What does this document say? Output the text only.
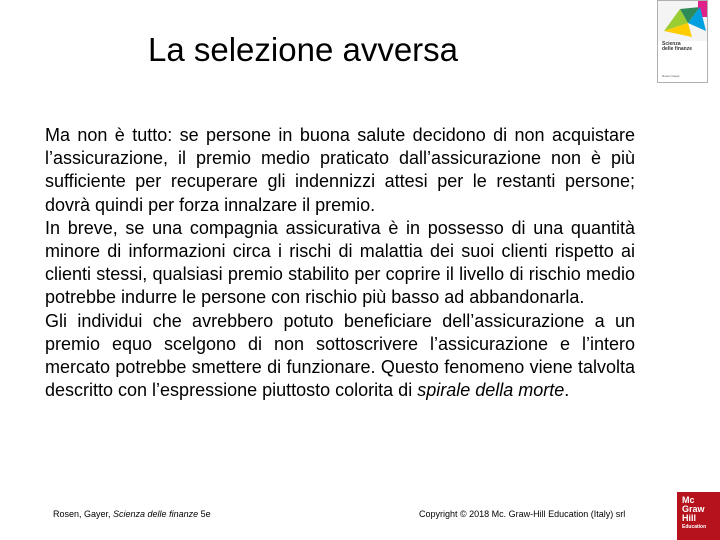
La selezione avversa	Scienza
delle finanze
Rosen Gayer

Ma non è tutto: se persone in buona salute decidono di non acquistare l’assicurazione, il premio medio praticato dall’assicurazione non è più sufficiente per recuperare gli indennizzi attesi per le restanti persone; dovrà quindi per forza innalzare il premio.

In breve, se una compagnia assicurativa è in possesso di una quantità minore di informazioni circa i rischi di malattia dei suoi clienti rispetto ai clienti stessi, qualsiasi premio stabilito per coprire il livello di rischio medio potrebbe indurre le persone con rischio più basso ad abbandonarla.

Gli individui che avrebbero potuto beneficiare dell’assicurazione a un premio equo scelgono di non sottoscrivere l’assicurazione e l’intero mercato potrebbe smettere di funzionare. Questo fenomeno viene talvolta descritto con l’espressione piuttosto colorita di spirale della morte.

Rosen, Gayer, Scienza delle finanze 5e	Copyright © 2018 Mc. Graw-Hill Education (Italy) srl
Mc
Graw
Hill
Education
